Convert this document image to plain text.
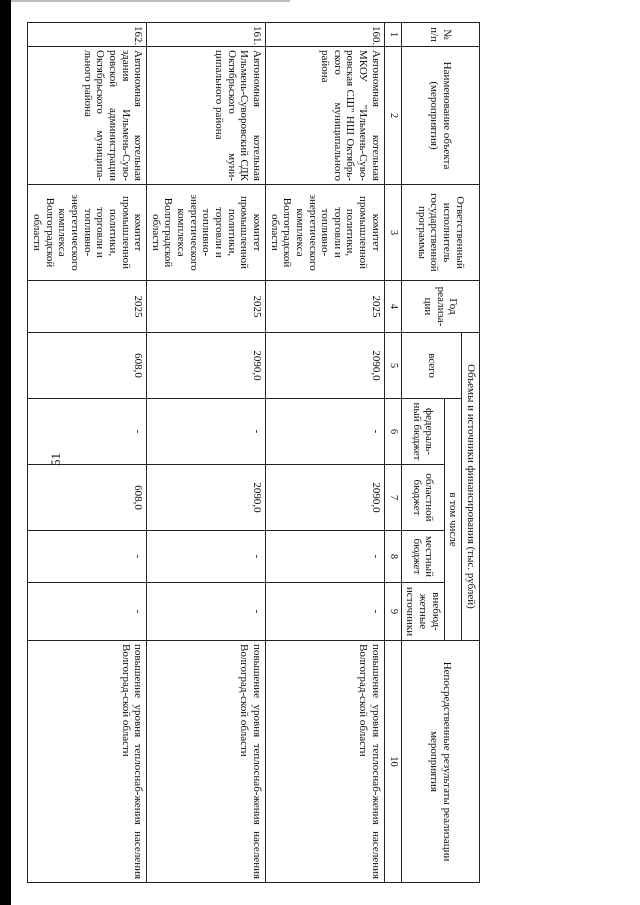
51
№ п/п	Наименование объекта (мероприятия)	Ответственный исполнитель государственной программы	Год реализа-ции	Объемы и источники финансирования (тыс. рублей)					Непосредственные результаты реализации мероприятия
				всего	в том числе				
					федераль-ный бюджет	областной бюджет	местный бюджет	внебюд-жетные источники	
1	2	3	4	5	6	7	8	9	10
160.	Автономная котельная МКОУ "Ильмень-Суво-ровская СШ" НШ Октябрь-ского муниципального района	комитет промышленной политики, торговли и топливно-энергетического комплекса Волгоградской области	2025	2090,0	-	2090,0	-	-	повышение уровня теплоснаб-жения населения Волгоград-ской области
161.	Автономная котельная Ильмень-Суворовский СДК Октябрьского муни-ципального района	комитет промышленной политики, торговли и топливно-энергетического комплекса Волгоградской области	2025	2090,0	-	2090,0	-	-	повышение уровня теплоснаб-жения населения Волгоград-ской области
162.	Автономная котельная здания Ильмень-Суво-ровской администрации Октябрьского муниципа-льного района	комитет промышленной политики, торговли и топливно-энергетического комплекса Волгоградской области	2025	608,0	-	608,0	-	-	повышение уровня теплоснаб-жения населения Волгоград-ской области
